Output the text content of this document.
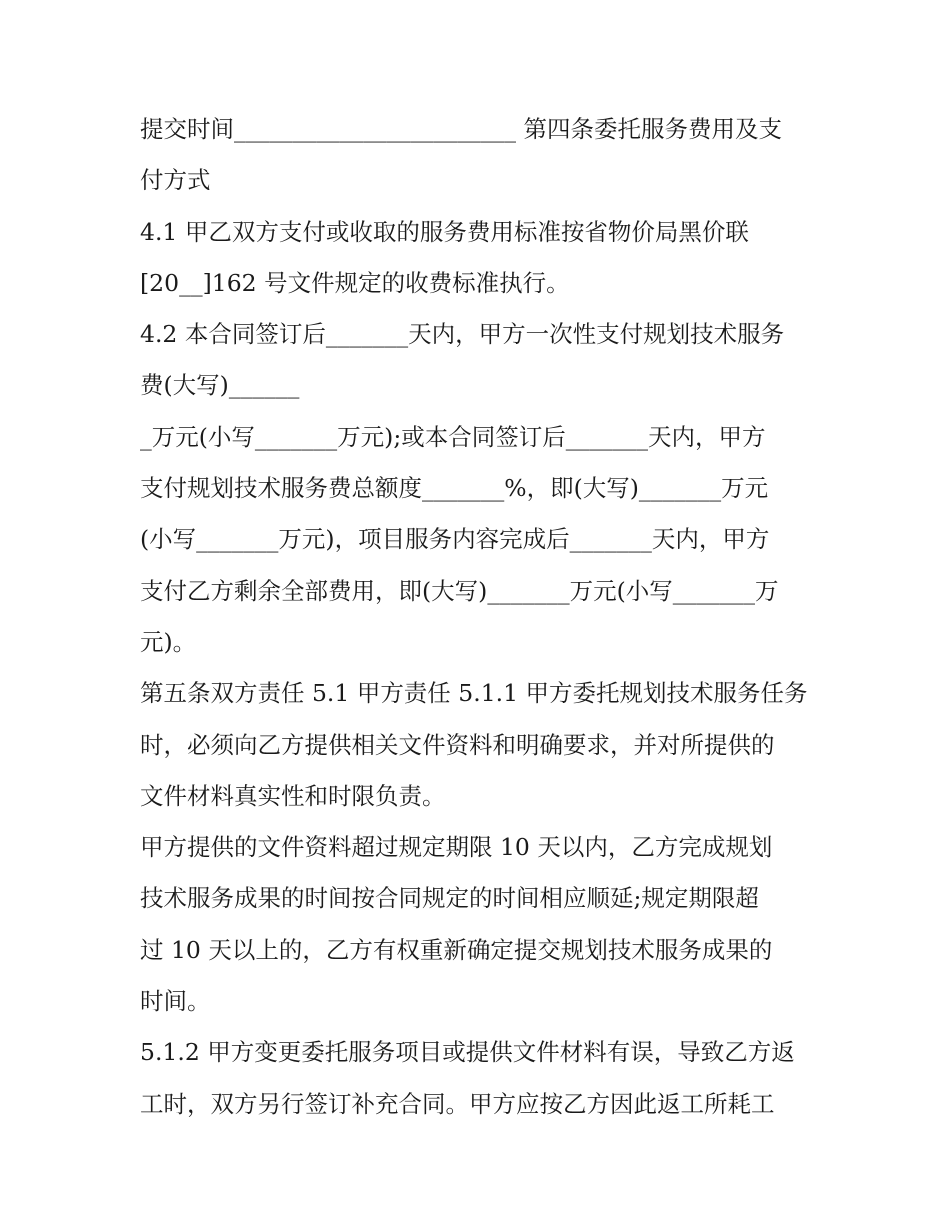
提交时间________________________ 第四条委托服务费用及支
付方式
4.1 甲乙双方支付或收取的服务费用标准按省物价局黑价联
[20__]162 号文件规定的收费标准执行。
4.2 本合同签订后_______天内，甲方一次性支付规划技术服务
费(大写)______
_万元(小写_______万元);或本合同签订后_______天内，甲方
支付规划技术服务费总额度_______%，即(大写)_______万元
(小写_______万元)，项目服务内容完成后_______天内，甲方
支付乙方剩余全部费用，即(大写)_______万元(小写_______万
元)。
第五条双方责任 5.1 甲方责任 5.1.1 甲方委托规划技术服务任务
时，必须向乙方提供相关文件资料和明确要求，并对所提供的
文件材料真实性和时限负责。
甲方提供的文件资料超过规定期限 10 天以内，乙方完成规划
技术服务成果的时间按合同规定的时间相应顺延;规定期限超
过 10 天以上的，乙方有权重新确定提交规划技术服务成果的
时间。
5.1.2 甲方变更委托服务项目或提供文件材料有误，导致乙方返
工时，双方另行签订补充合同。甲方应按乙方因此返工所耗工
